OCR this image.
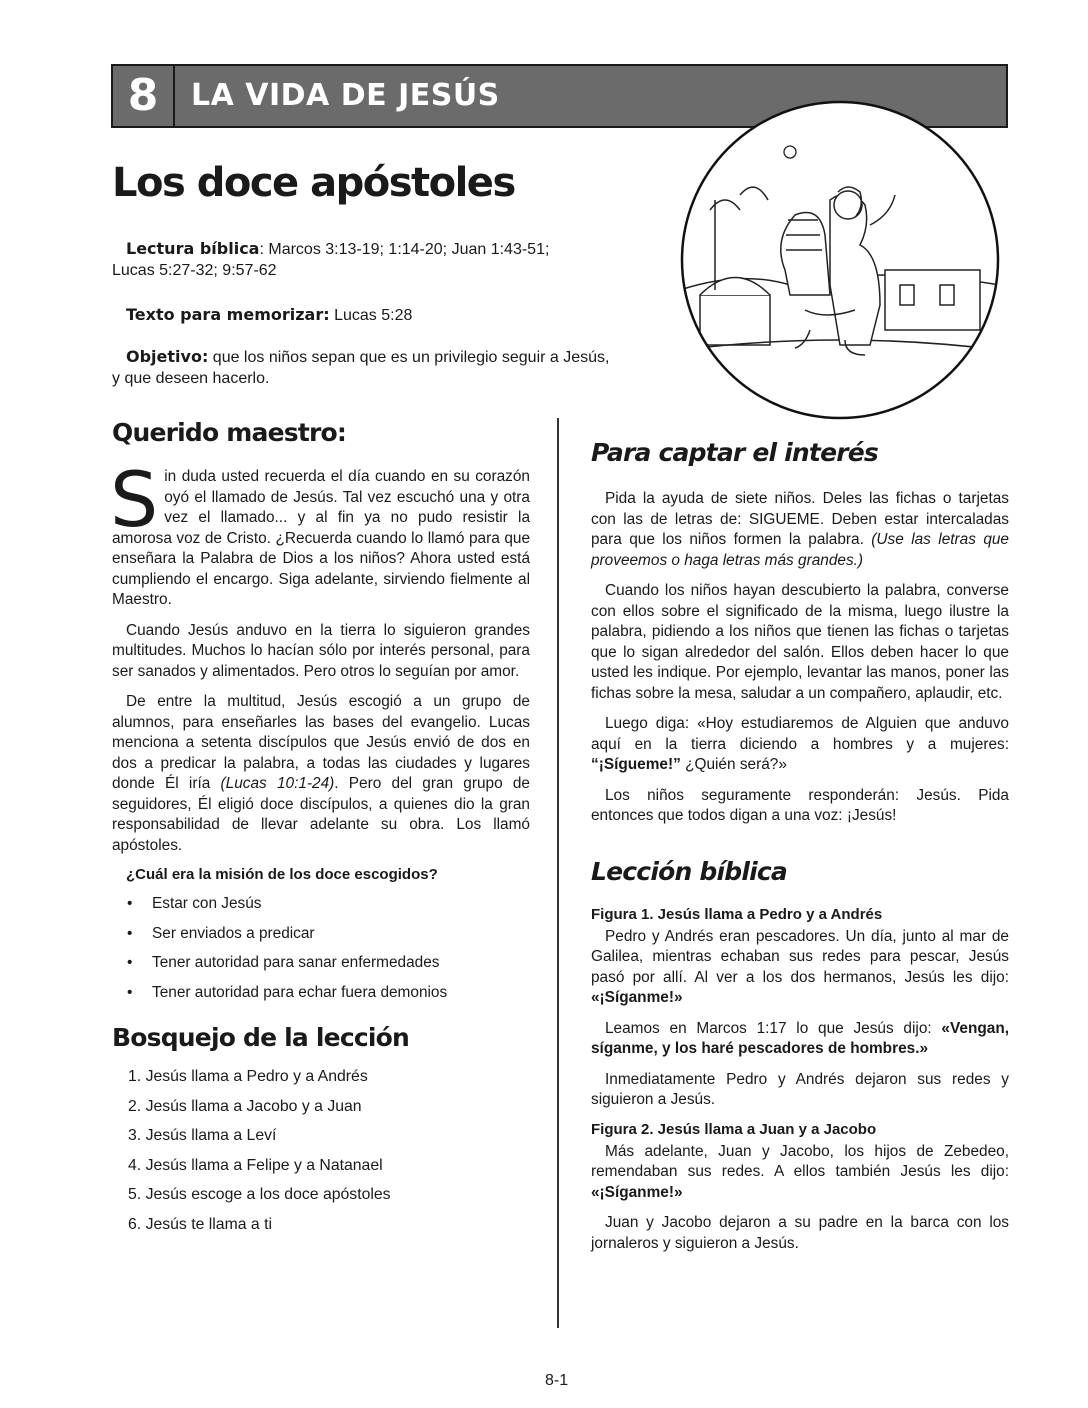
8	LA VIDA DE JESÚS
Los doce apóstoles

Lectura bíblica: Marcos 3:13-19; 1:14-20; Juan 1:43-51;
Lucas 5:27-32; 9:57-62

Texto para memorizar: Lucas 5:28

Objetivo: que los niños sepan que es un privilegio seguir a Jesús,
y que deseen hacerlo.

Querido maestro:

Sin duda usted recuerda el día cuando en su corazón oyó el llamado de Jesús. Tal vez escuchó una y otra vez el llamado... y al fin ya no pudo resistir la amorosa voz de Cristo. ¿Recuerda cuando lo llamó para que enseñara la Palabra de Dios a los niños? Ahora usted está cumpliendo el encargo. Siga adelante, sirviendo fielmente al Maestro.

Cuando Jesús anduvo en la tierra lo siguieron grandes multitudes. Muchos lo hacían sólo por interés personal, para ser sanados y alimentados. Pero otros lo seguían por amor.

De entre la multitud, Jesús escogió a un grupo de alumnos, para enseñarles las bases del evangelio. Lucas menciona a setenta discípulos que Jesús envió de dos en dos a predicar la palabra, a todas las ciudades y lugares donde Él iría (Lucas 10:1-24). Pero del gran grupo de seguidores, Él eligió doce discípulos, a quienes dio la gran responsabilidad de llevar adelante su obra. Los llamó apóstoles.

¿Cuál era la misión de los doce escogidos?
• Estar con Jesús
• Ser enviados a predicar
• Tener autoridad para sanar enfermedades
• Tener autoridad para echar fuera demonios
Bosquejo de la lección
1. Jesús llama a Pedro y a Andrés
2. Jesús llama a Jacobo y a Juan
3. Jesús llama a Leví
4. Jesús llama a Felipe y a Natanael
5. Jesús escoge a los doce apóstoles
6. Jesús te llama a ti
Para captar el interés

Pida la ayuda de siete niños. Deles las fichas o tarjetas con las de letras de: SIGUEME. Deben estar intercaladas para que los niños formen la palabra. (Use las letras que proveemos o haga letras más grandes.)

Cuando los niños hayan descubierto la palabra, converse con ellos sobre el significado de la misma, luego ilustre la palabra, pidiendo a los niños que tienen las fichas o tarjetas que lo sigan alrededor del salón. Ellos deben hacer lo que usted les indique. Por ejemplo, levantar las manos, poner las fichas sobre la mesa, saludar a un compañero, aplaudir, etc.

Luego diga: «Hoy estudiaremos de Alguien que anduvo aquí en la tierra diciendo a hombres y a mujeres: “¡Sígueme!” ¿Quién será?»

Los niños seguramente responderán: Jesús. Pida entonces que todos digan a una voz: ¡Jesús!

Lección bíblica
Figura 1. Jesús llama a Pedro y a Andrés

Pedro y Andrés eran pescadores. Un día, junto al mar de Galilea, mientras echaban sus redes para pescar, Jesús pasó por allí. Al ver a los dos hermanos, Jesús les dijo: «¡Síganme!»

Leamos en Marcos 1:17 lo que Jesús dijo: «Vengan, síganme, y los haré pescadores de hombres.»

Inmediatamente Pedro y Andrés dejaron sus redes y siguieron a Jesús.

Figura 2. Jesús llama a Juan y a Jacobo

Más adelante, Juan y Jacobo, los hijos de Zebedeo, remendaban sus redes. A ellos también Jesús les dijo: «¡Síganme!»

Juan y Jacobo dejaron a su padre en la barca con los jornaleros y siguieron a Jesús.

8-1
